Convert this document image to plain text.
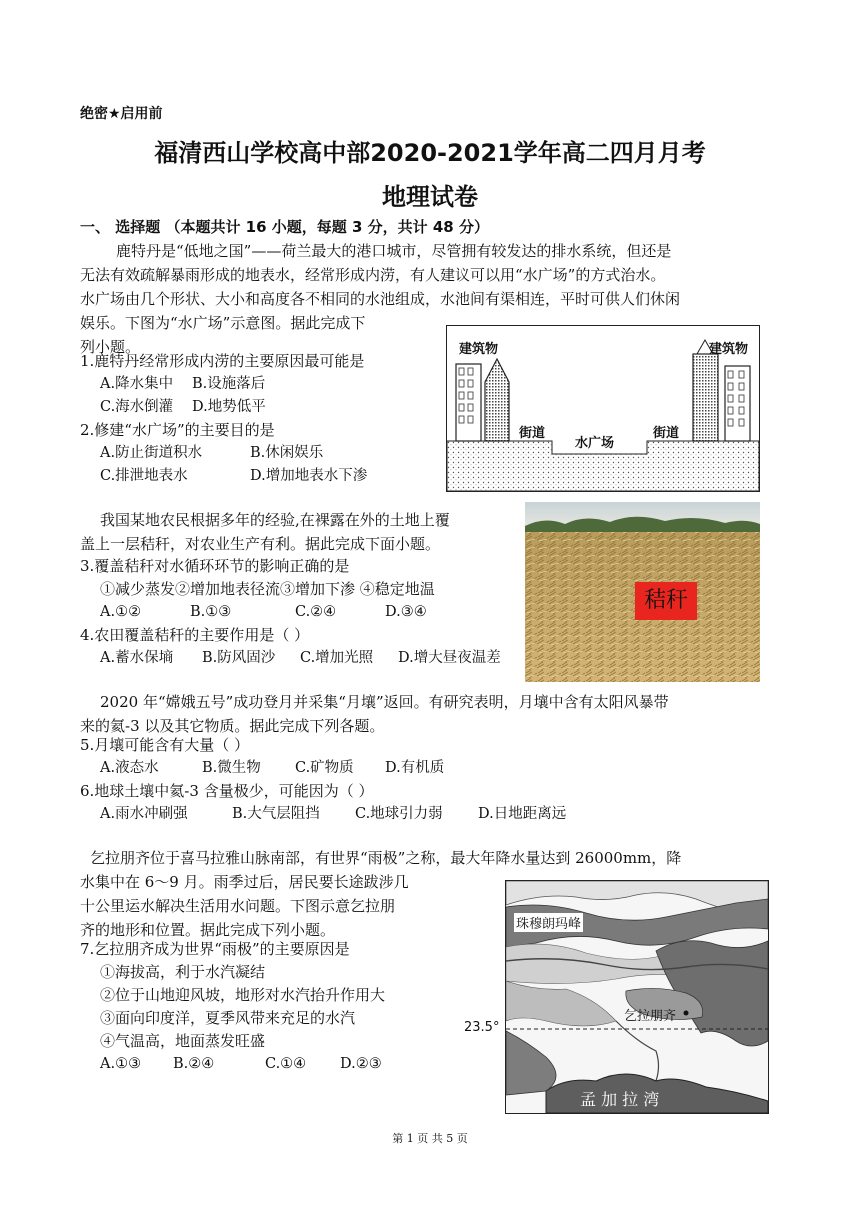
绝密★启用前
福清西山学校高中部2020-2021学年高二四月月考
地理试卷
一、 选择题 （本题共计 16 小题，每题 3 分，共计 48 分）
鹿特丹是“低地之国”——荷兰最大的港口城市，尽管拥有较发达的排水系统，但还是
无法有效疏解暴雨形成的地表水，经常形成内涝，有人建议可以用“水广场”的方式治水。
水广场由几个形状、大小和高度各不相同的水池组成，水池间有渠相连，平时可供人们休闲
娱乐。下图为“水广场”示意图。据此完成下
列小题。
1.鹿特丹经常形成内涝的主要原因最可能是
A.降水集中 B.设施落后
C.海水倒灌 D.地势低平
2.修建“水广场”的主要目的是
A.防止街道积水	B.休闲娱乐
C.排泄地表水	D.增加地表水下渗
建筑物	建筑物
街道	街道
水广场
我国某地农民根据多年的经验,在裸露在外的土地上覆
盖上一层秸秆，对农业生产有利。据此完成下面小题。
3.覆盖秸秆对水循环环节的影响正确的是
①减少蒸发②增加地表径流③增加下渗 ④稳定地温
A.①②	B.①③	C.②④	D.③④
4.农田覆盖秸秆的主要作用是（ ）
A.蓄水保墒 B.防风固沙 C.增加光照 D.增大昼夜温差
秸秆
2020 年“嫦娥五号”成功登月并采集“月壤”返回。有研究表明，月壤中含有太阳风暴带
来的氦-3 以及其它物质。据此完成下列各题。
5.月壤可能含有大量（ ）
A.液态水	B.微生物 C.矿物质 D.有机质
6.地球土壤中氦-3 含量极少，可能因为（ ）
A.雨水冲刷强	B.大气层阻挡 C.地球引力弱 D.日地距离远
乞拉朋齐位于喜马拉雅山脉南部，有世界“雨极”之称，最大年降水量达到 26000mm，降
水集中在 6～9 月。雨季过后，居民要长途跋涉几
十公里运水解决生活用水问题。下图示意乞拉朋
齐的地形和位置。据此完成下列小题。
7.乞拉朋齐成为世界“雨极”的主要原因是
①海拔高，利于水汽凝结
②位于山地迎风坡，地形对水汽抬升作用大
③面向印度洋，夏季风带来充足的水汽
④气温高，地面蒸发旺盛
A.①③ B.②④	C.①④ D.②③
23.5°
珠穆朗玛峰
乞拉朋齐
孟 加 拉 湾
第 1 页 共 5 页
